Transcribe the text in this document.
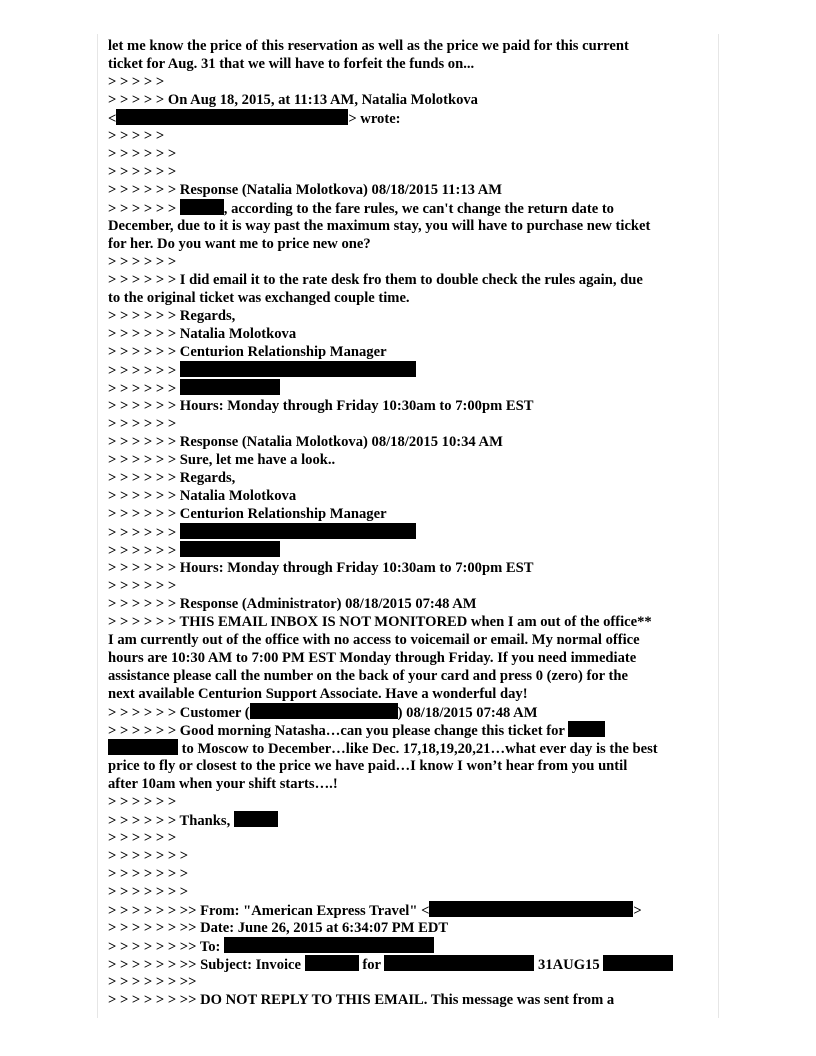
let me know the price of this reservation as well as the price we paid for this current
ticket for Aug. 31 that we will have to forfeit the funds on...
> > > > >
> > > > > On Aug 18, 2015, at 11:13 AM, Natalia Molotkova
<	> wrote:
> > > > >
> > > > > >
> > > > > >
> > > > > > Response (Natalia Molotkova) 08/18/2015 11:13 AM
> > > > > >	, according to the fare rules, we can't change the return date to
December, due to it is way past the maximum stay, you will have to purchase new ticket
for her. Do you want me to price new one?
> > > > > >
> > > > > > I did email it to the rate desk fro them to double check the rules again, due
to the original ticket was exchanged couple time.
> > > > > > Regards,
> > > > > > Natalia Molotkova
> > > > > > Centurion Relationship Manager
> > > > > >
> > > > > >
> > > > > > Hours: Monday through Friday 10:30am to 7:00pm EST
> > > > > >
> > > > > > Response (Natalia Molotkova) 08/18/2015 10:34 AM
> > > > > > Sure, let me have a look..
> > > > > > Regards,
> > > > > > Natalia Molotkova
> > > > > > Centurion Relationship Manager
> > > > > >
> > > > > >
> > > > > > Hours: Monday through Friday 10:30am to 7:00pm EST
> > > > > >
> > > > > > Response (Administrator) 08/18/2015 07:48 AM
> > > > > > THIS EMAIL INBOX IS NOT MONITORED when I am out of the office**
I am currently out of the office with no access to voicemail or email. My normal office
hours are 10:30 AM to 7:00 PM EST Monday through Friday. If you need immediate
assistance please call the number on the back of your card and press 0 (zero) for the
next available Centurion Support Associate. Have a wonderful day!
> > > > > > Customer (	) 08/18/2015 07:48 AM
> > > > > > Good morning Natasha…can you please change this ticket for
to Moscow to December…like Dec. 17,18,19,20,21…what ever day is the best
price to fly or closest to the price we have paid…I know I won’t hear from you until
after 10am when your shift starts….!
> > > > > >
> > > > > > Thanks,
> > > > > >
> > > > > > >
> > > > > > >
> > > > > > >
> > > > > > >> From: "American Express Travel" <	>
> > > > > > >> Date: June 26, 2015 at 6:34:07 PM EDT
> > > > > > >> To:
> > > > > > >> Subject: Invoice	for	31AUG15
> > > > > > >>
> > > > > > >> DO NOT REPLY TO THIS EMAIL. This message was sent from a
